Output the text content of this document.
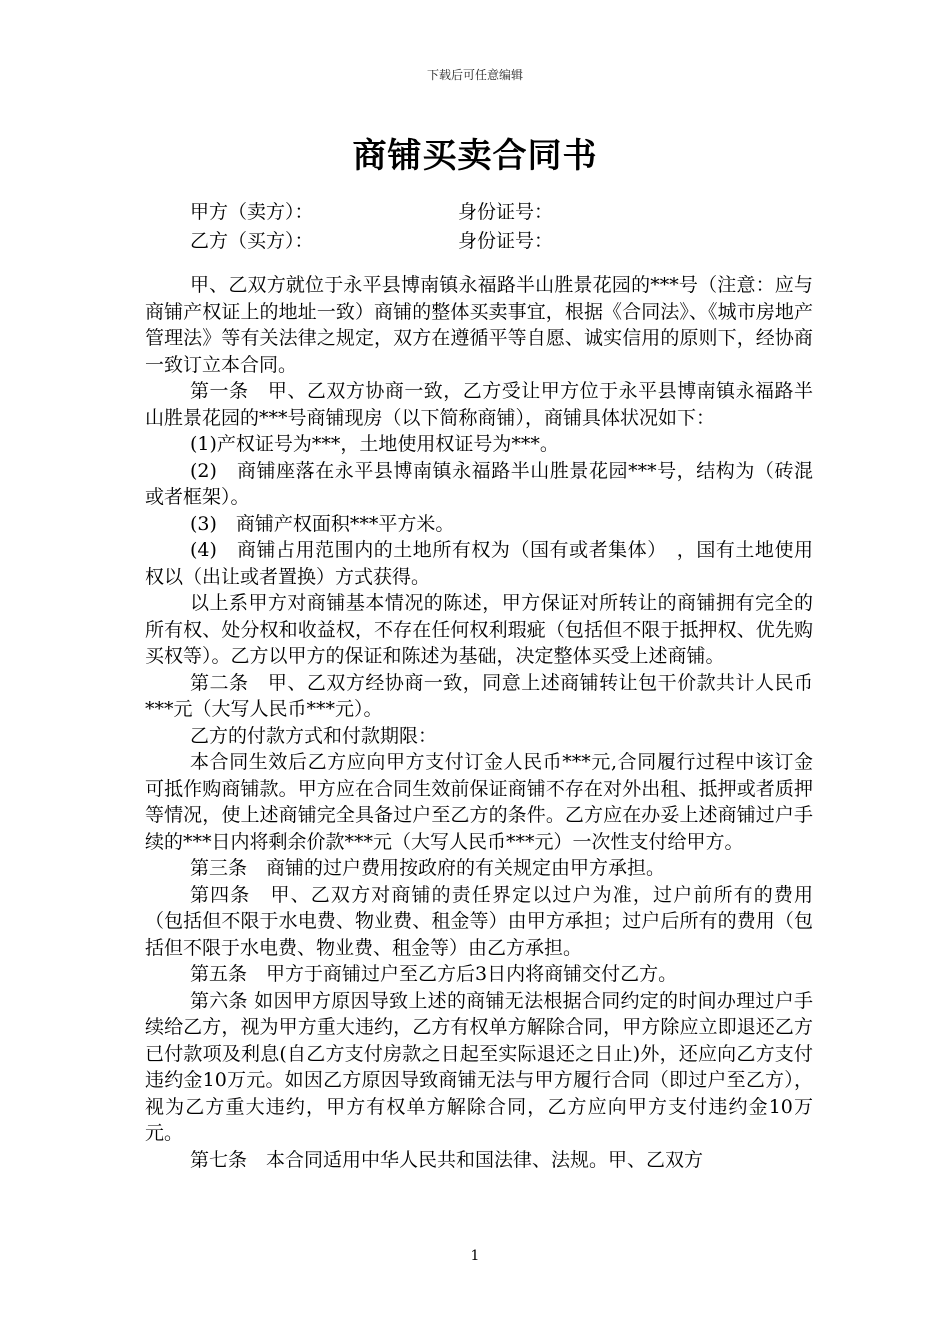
下载后可任意编辑
商铺买卖合同书
甲方（卖方）：	身份证号：
乙方（买方）：	身份证号：

甲、乙双方就位于永平县博南镇永福路半山胜景花园的***号（注意：应与商铺产权证上的地址一致）商铺的整体买卖事宜，根据《合同法》、《城市房地产管理法》等有关法律之规定，双方在遵循平等自愿、诚实信用的原则下，经协商一致订立本合同。

第一条　甲、乙双方协商一致，乙方受让甲方位于永平县博南镇永福路半山胜景花园的***号商铺现房（以下简称商铺），商铺具体状况如下：

(1)产权证号为***，土地使用权证号为***。

(2)　商铺座落在永平县博南镇永福路半山胜景花园***号，结构为（砖混或者框架）。

(3)　商铺产权面积***平方米。

(4)　商铺占用范围内的土地所有权为（国有或者集体）　，国有土地使用权以（出让或者置换）方式获得。

以上系甲方对商铺基本情况的陈述，甲方保证对所转让的商铺拥有完全的所有权、处分权和收益权，不存在任何权利瑕疵（包括但不限于抵押权、优先购买权等）。乙方以甲方的保证和陈述为基础，决定整体买受上述商铺。

第二条　甲、乙双方经协商一致，同意上述商铺转让包干价款共计人民币***元（大写人民币***元）。

乙方的付款方式和付款期限：

本合同生效后乙方应向甲方支付订金人民币***元,合同履行过程中该订金可抵作购商铺款。甲方应在合同生效前保证商铺不存在对外出租、抵押或者质押等情况，使上述商铺完全具备过户至乙方的条件。乙方应在办妥上述商铺过户手续的***日内将剩余价款***元（大写人民币***元）一次性支付给甲方。

第三条　商铺的过户费用按政府的有关规定由甲方承担。

第四条　甲、乙双方对商铺的责任界定以过户为准，过户前所有的费用（包括但不限于水电费、物业费、租金等）由甲方承担；过户后所有的费用（包括但不限于水电费、物业费、租金等）由乙方承担。

第五条　甲方于商铺过户至乙方后3日内将商铺交付乙方。

第六条 如因甲方原因导致上述的商铺无法根据合同约定的时间办理过户手续给乙方，视为甲方重大违约，乙方有权单方解除合同，甲方除应立即退还乙方已付款项及利息(自乙方支付房款之日起至实际退还之日止)外，还应向乙方支付违约金10万元。如因乙方原因导致商铺无法与甲方履行合同（即过户至乙方），视为乙方重大违约，甲方有权单方解除合同，乙方应向甲方支付违约金10万元。

第七条　本合同适用中华人民共和国法律、法规。甲、乙双方

1
